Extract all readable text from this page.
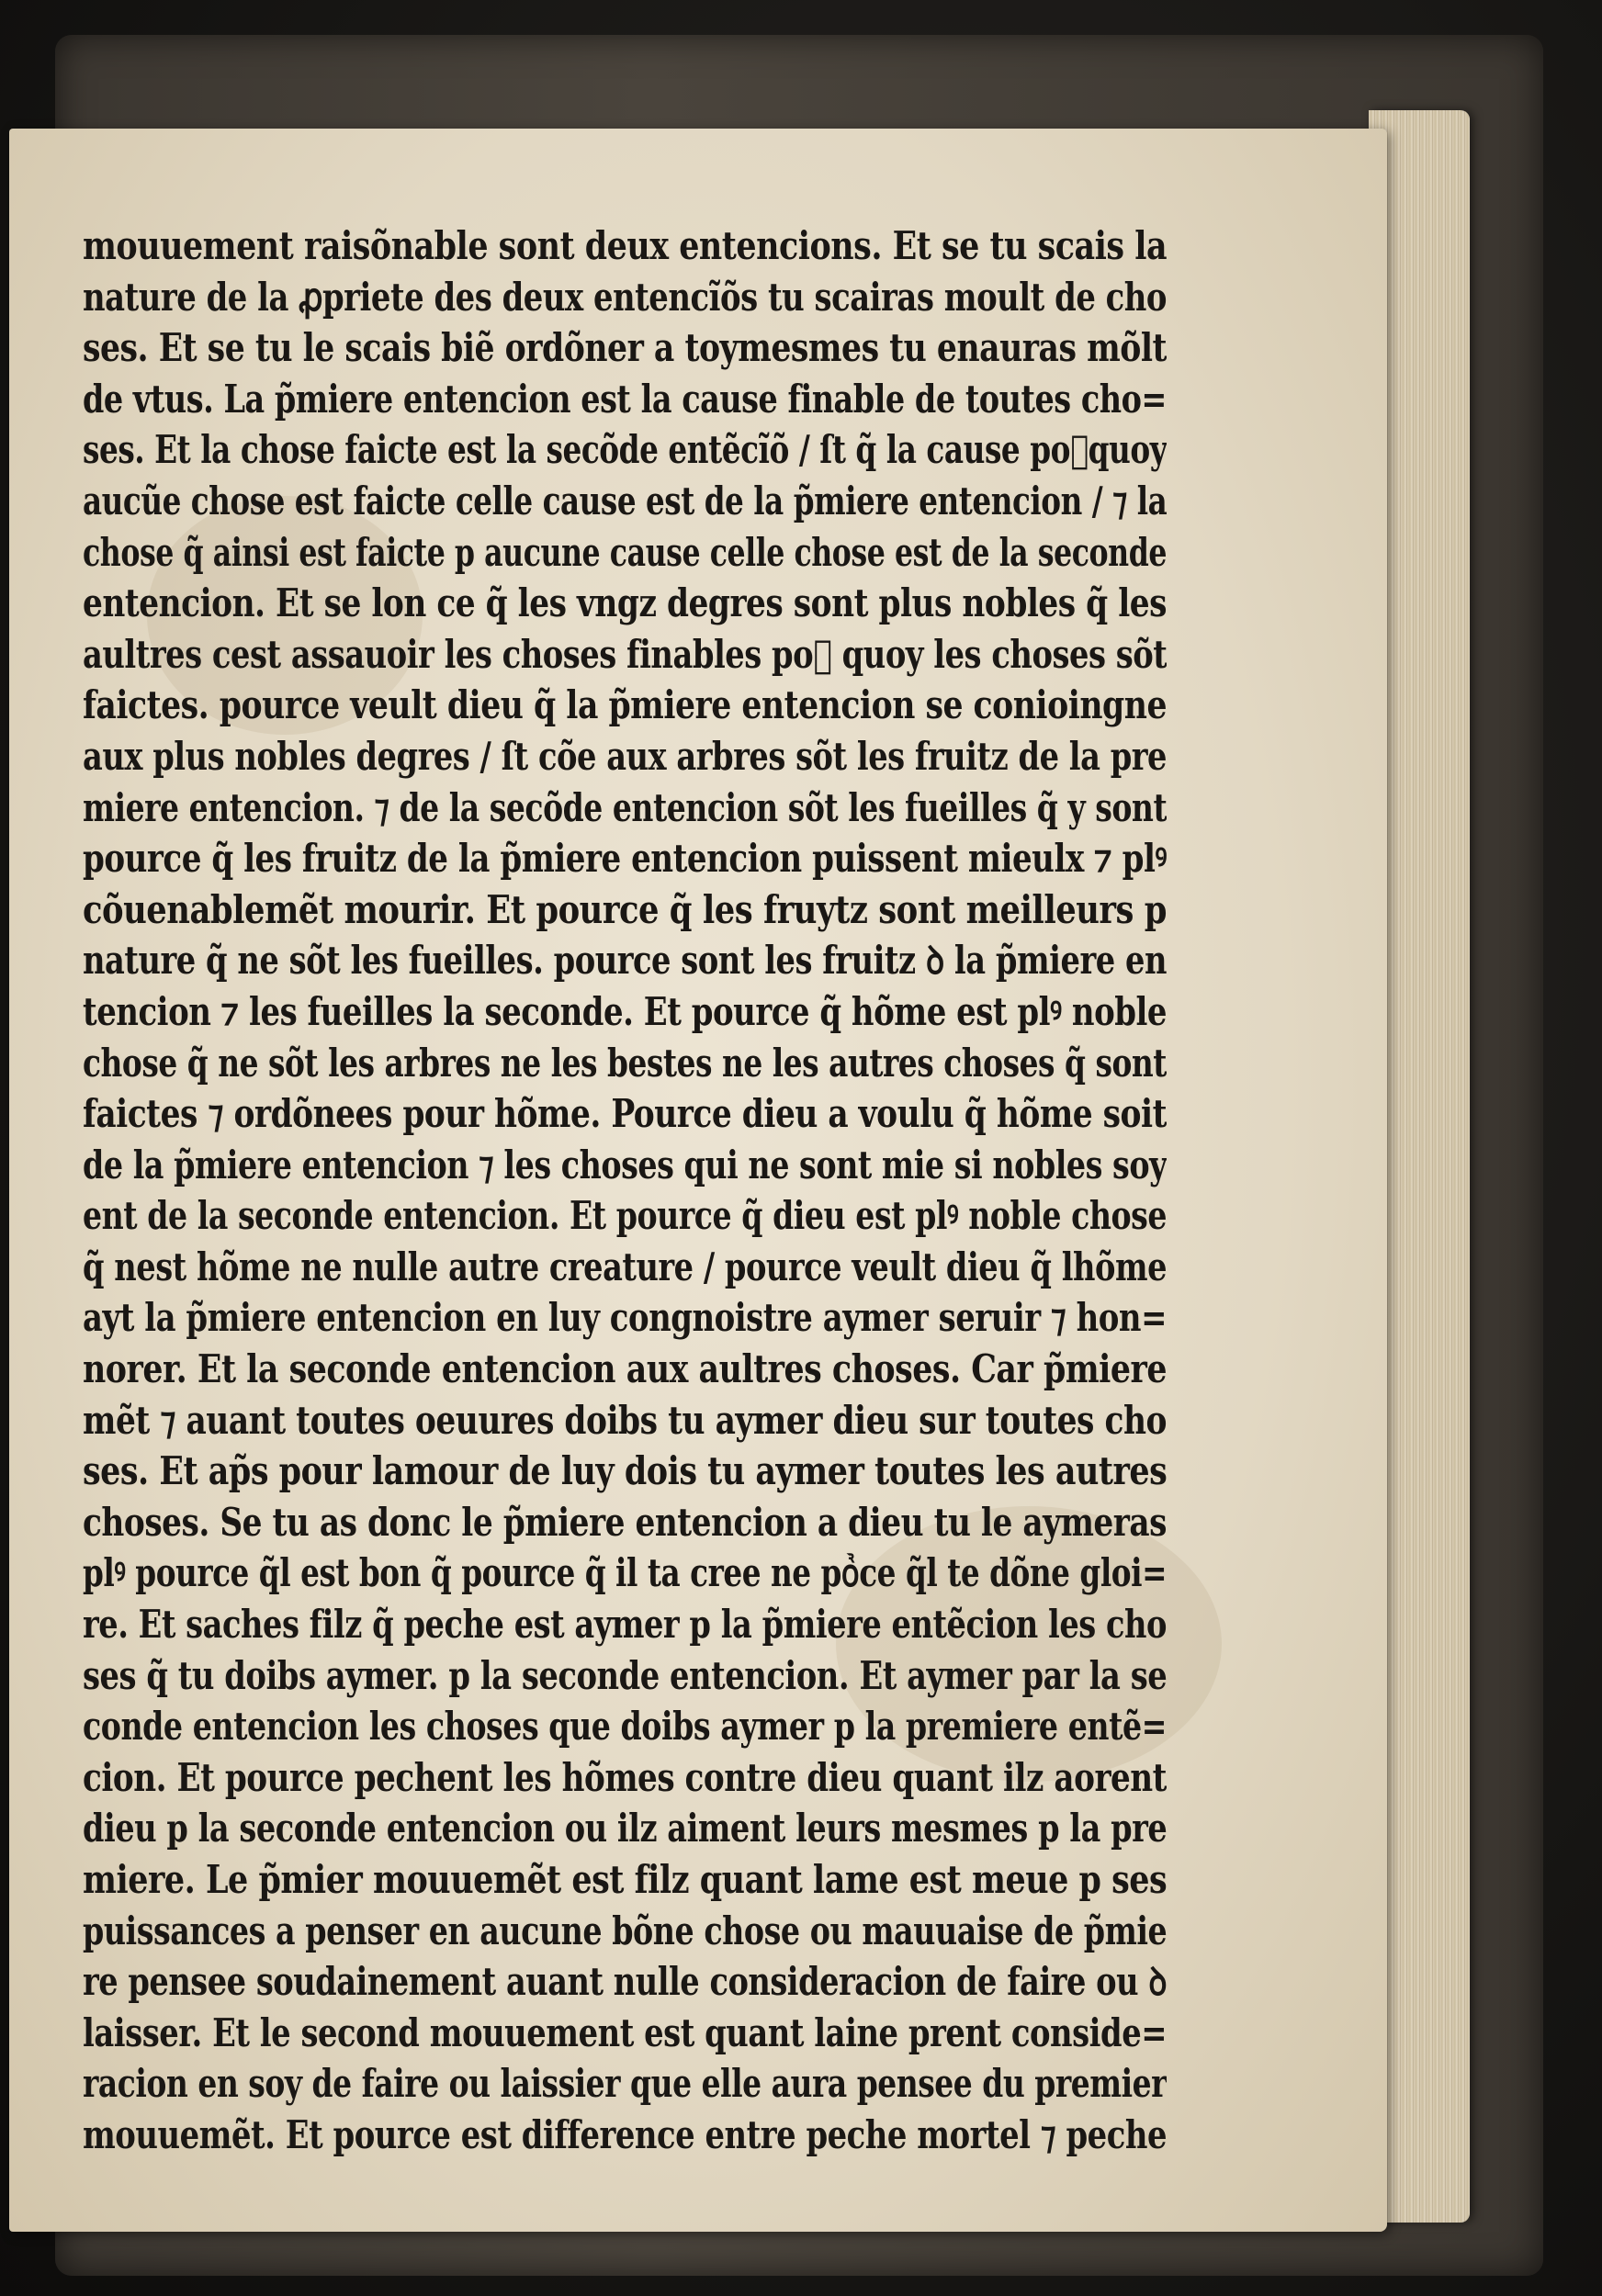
mouuement raisõnable sont deux entencions. Et se tu scais la
nature de la ꝓpriete des deux entencĩõs tu scairas moult de cho
ses. Et se tu le scais biẽ ordõner a toymesmes tu enauras mõlt
de vtus. La p̃miere entencion est la cause finable de toutes cho=
ses. Et la chose faicte est la secõde entẽcĩõ / ſt q̃ la cause poᷣquoy
aucũe chose est faicte celle cause est de la p̃miere entencion / ⁊ la
chose q̃ ainsi est faicte p aucune cause celle chose est de la seconde
entencion. Et se lon ce q̃ les vngz degres sont plus nobles q̃ les
aultres cest assauoir les choses finables poᷣ quoy les choses sõt
faictes. pource veult dieu q̃ la p̃miere entencion se conioingne
aux plus nobles degres / ſt cõe aux arbres sõt les fruitz de la pre
miere entencion. ⁊ de la secõde entencion sõt les fueilles q̃ y sont
pource q̃ les fruitz de la p̃miere entencion puissent mieulx ⁊ plꝰ
cõuenablemẽt mourir. Et pource q̃ les fruytz sont meilleurs p
nature q̃ ne sõt les fueilles. pource sont les fruitz ꝺ la p̃miere en
tencion ⁊ les fueilles la seconde. Et pource q̃ hõme est plꝰ noble
chose q̃ ne sõt les arbres ne les bestes ne les autres choses q̃ sont
faictes ⁊ ordõnees pour hõme. Pource dieu a voulu q̃ hõme soit
de la p̃miere entencion ⁊ les choses qui ne sont mie si nobles soy
ent de la seconde entencion. Et pource q̃ dieu est plꝰ noble chose
q̃ nest hõme ne nulle autre creature / pource veult dieu q̃ lhõme
ayt la p̃miere entencion en luy congnoistre aymer seruir ⁊ hon=
norer. Et la seconde entencion aux aultres choses. Car p̃miere
mẽt ⁊ auant toutes oeuures doibs tu aymer dieu sur toutes cho
ses. Et ap̃s pour lamour de luy dois tu aymer toutes les autres
choses. Se tu as donc le p̃miere entencion a dieu tu le aymeras
plꝰ pource q̃l est bon q̃ pource q̃ il ta cree ne poᷣce q̃l te dõne gloi=
re. Et saches filz q̃ peche est aymer p la p̃miere entẽcion les cho
ses q̃ tu doibs aymer. p la seconde entencion. Et aymer par la se
conde entencion les choses que doibs aymer p la premiere entẽ=
cion. Et pource pechent les hõmes contre dieu quant ilz aorent
dieu p la seconde entencion ou ilz aiment leurs mesmes p la pre
miere. Le p̃mier mouuemẽt est filz quant lame est meue p ses
puissances a penser en aucune bõne chose ou mauuaise de p̃mie
re pensee soudainement auant nulle consideracion de faire ou ꝺ
laisser. Et le second mouuement est quant laine prent conside=
racion en soy de faire ou laissier que elle aura pensee du premier
mouuemẽt. Et pource est difference entre peche mortel ⁊ peche
